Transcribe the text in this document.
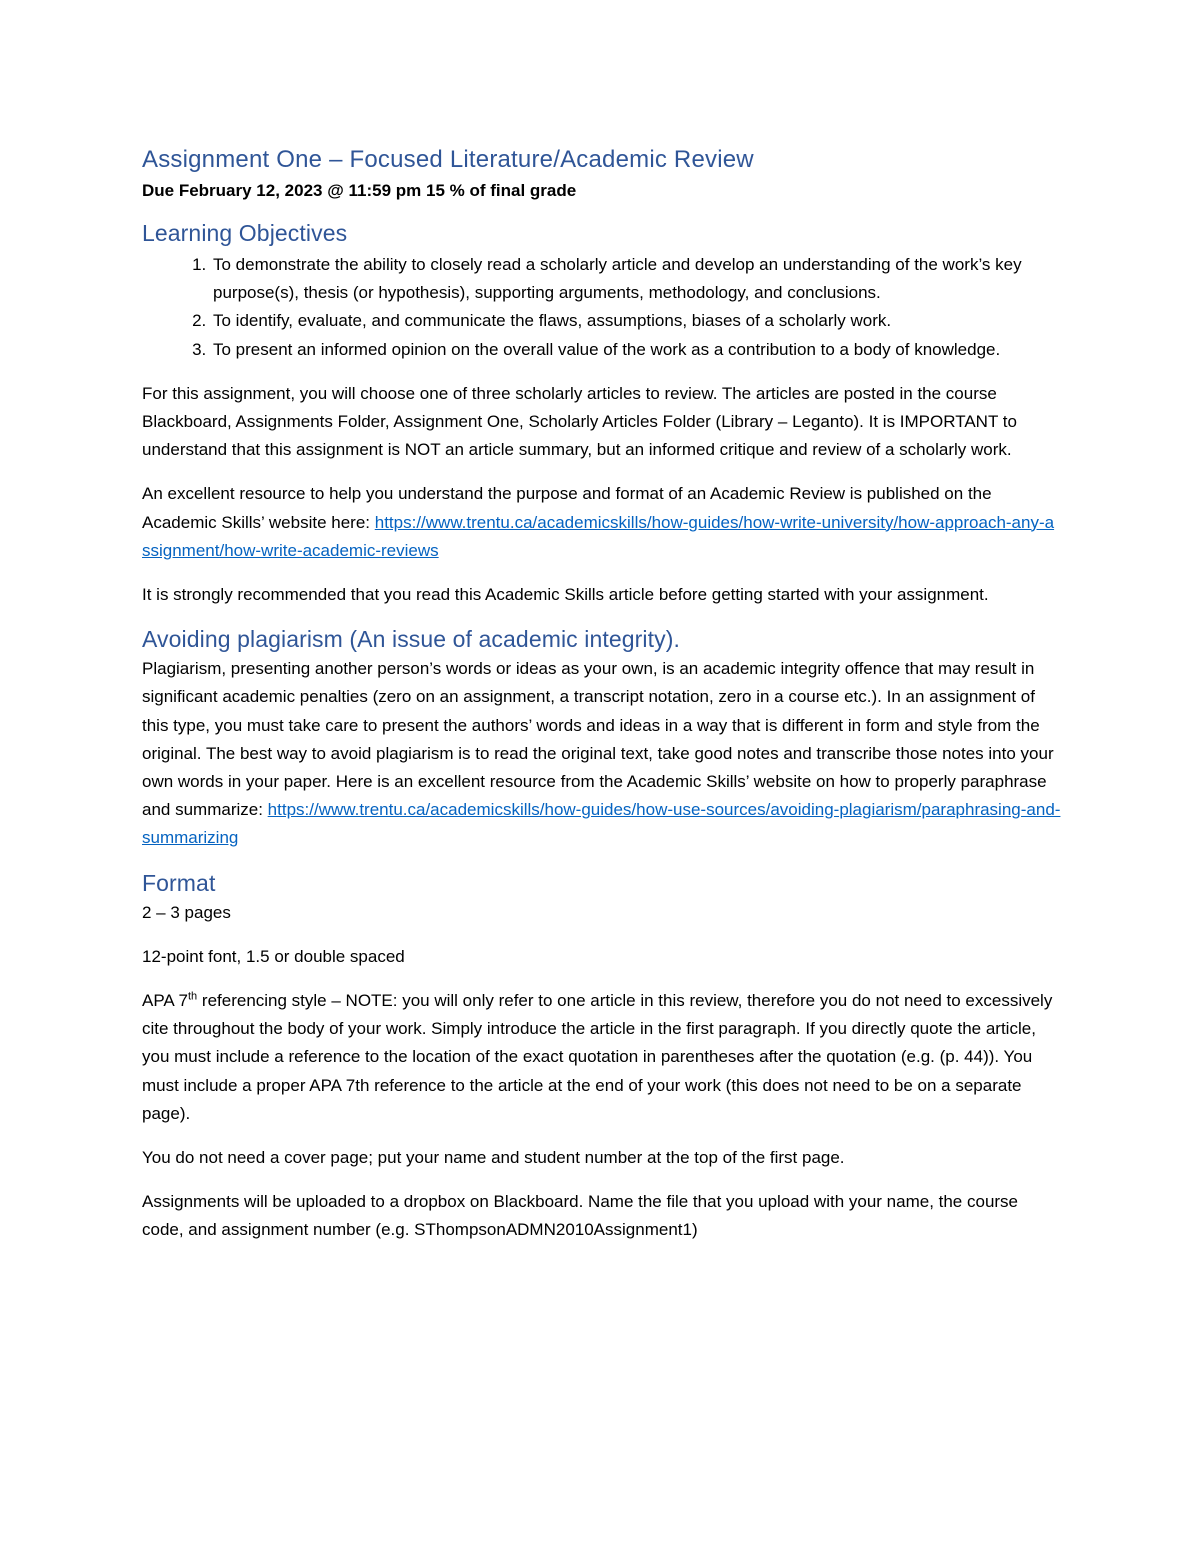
Assignment One – Focused Literature/Academic Review
Due February 12, 2023 @ 11:59 pm 15 % of final grade
Learning Objectives
1. To demonstrate the ability to closely read a scholarly article and develop an understanding of the work’s key purpose(s), thesis (or hypothesis), supporting arguments, methodology, and conclusions.
2. To identify, evaluate, and communicate the flaws, assumptions, biases of a scholarly work.
3. To present an informed opinion on the overall value of the work as a contribution to a body of knowledge.

For this assignment, you will choose one of three scholarly articles to review. The articles are posted in the course Blackboard, Assignments Folder, Assignment One, Scholarly Articles Folder (Library – Leganto). It is IMPORTANT to understand that this assignment is NOT an article summary, but an informed critique and review of a scholarly work.

An excellent resource to help you understand the purpose and format of an Academic Review is published on the Academic Skills’ website here: https://www.trentu.ca/academicskills/how-guides/how-write-university/how-approach-any-assignment/how-write-academic-reviews

It is strongly recommended that you read this Academic Skills article before getting started with your assignment.

Avoiding plagiarism (An issue of academic integrity).

Plagiarism, presenting another person’s words or ideas as your own, is an academic integrity offence that may result in significant academic penalties (zero on an assignment, a transcript notation, zero in a course etc.). In an assignment of this type, you must take care to present the authors’ words and ideas in a way that is different in form and style from the original. The best way to avoid plagiarism is to read the original text, take good notes and transcribe those notes into your own words in your paper. Here is an excellent resource from the Academic Skills’ website on how to properly paraphrase and summarize: https://www.trentu.ca/academicskills/how-guides/how-use-sources/avoiding-plagiarism/paraphrasing-and-summarizing

Format

2 – 3 pages

12-point font, 1.5 or double spaced

APA 7th referencing style – NOTE: you will only refer to one article in this review, therefore you do not need to excessively cite throughout the body of your work. Simply introduce the article in the first paragraph. If you directly quote the article, you must include a reference to the location of the exact quotation in parentheses after the quotation (e.g. (p. 44)). You must include a proper APA 7th reference to the article at the end of your work (this does not need to be on a separate page).

You do not need a cover page; put your name and student number at the top of the first page.

Assignments will be uploaded to a dropbox on Blackboard. Name the file that you upload with your name, the course code, and assignment number (e.g. SThompsonADMN2010Assignment1)
